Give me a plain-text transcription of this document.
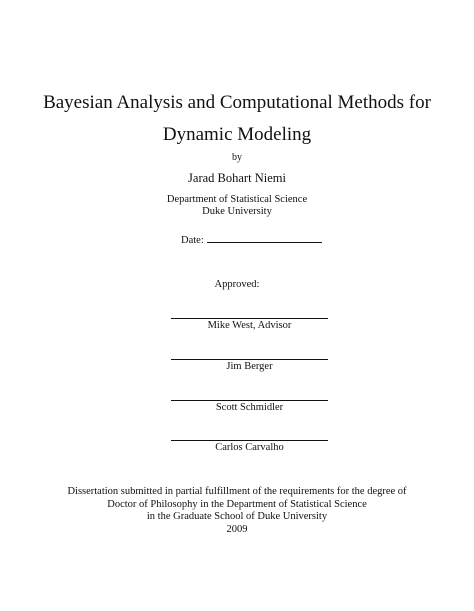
Bayesian Analysis and Computational Methods for
Dynamic Modeling
by
Jarad Bohart Niemi
Department of Statistical Science
Duke University
Date:
Approved:
Mike West, Advisor
Jim Berger
Scott Schmidler
Carlos Carvalho
Dissertation submitted in partial fulfillment of the requirements for the degree of
Doctor of Philosophy in the Department of Statistical Science
in the Graduate School of Duke University
2009
